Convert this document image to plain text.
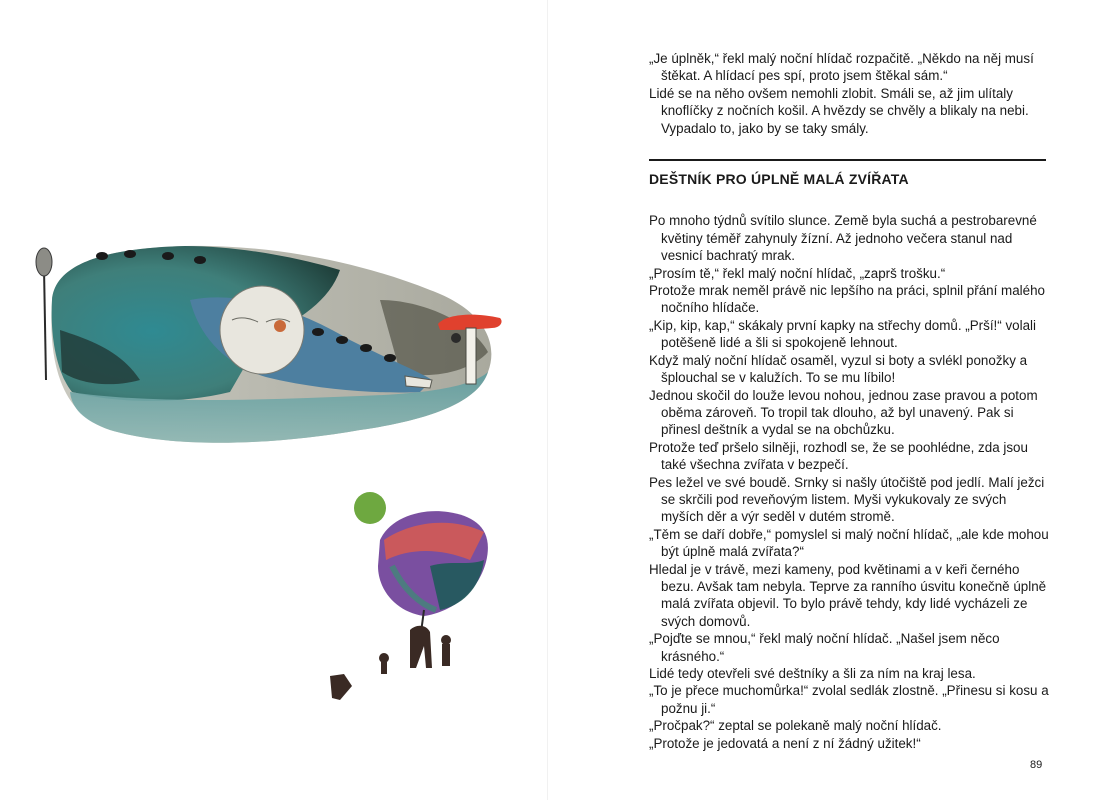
„Je úplněk,“ řekl malý noční hlídač rozpačitě. „Někdo na něj musí štěkat. A hlídací pes spí, proto jsem štěkal sám.“

Lidé se na něho ovšem nemohli zlobit. Smáli se, až jim ulítaly knoflíčky z nočních košil. A hvězdy se chvěly a blikaly na nebi. Vypadalo to, jako by se taky smály.

DEŠTNÍK PRO ÚPLNĚ MALÁ ZVÍŘATA

Po mnoho týdnů svítilo slunce. Země byla suchá a pestrobarevné květiny téměř zahynuly žízní. Až jednoho večera stanul nad vesnicí bachratý mrak.

„Prosím tě,“ řekl malý noční hlídač, „zaprš trošku.“

Protože mrak neměl právě nic lepšího na práci, splnil přání malého nočního hlídače.

„Kip, kip, kap,“ skákaly první kapky na střechy domů. „Prší!“ volali potěšeně lidé a šli si spokojeně lehnout.

Když malý noční hlídač osaměl, vyzul si boty a svlékl ponožky a šplouchal se v kalužích. To se mu líbilo!

Jednou skočil do louže levou nohou, jednou zase pravou a potom oběma zároveň. To tropil tak dlouho, až byl unavený. Pak si přinesl deštník a vydal se na obchůzku.

Protože teď pršelo silněji, rozhodl se, že se poohlédne, zda jsou také všechna zvířata v bezpečí.

Pes ležel ve své boudě. Srnky si našly útočiště pod jedlí. Malí ježci se skrčili pod reveňovým listem. Myši vykukovaly ze svých myších děr a výr seděl v dutém stromě.

„Těm se daří dobře,“ pomyslel si malý noční hlídač, „ale kde mohou být úplně malá zvířata?“

Hledal je v trávě, mezi kameny, pod květinami a v keři černého bezu. Avšak tam nebyla. Teprve za ranního úsvitu konečně úplně malá zvířata objevil. To bylo právě tehdy, kdy lidé vycházeli ze svých domovů.

„Pojďte se mnou,“ řekl malý noční hlídač. „Našel jsem něco krásného.“

Lidé tedy otevřeli své deštníky a šli za ním na kraj lesa.

„To je přece muchomůrka!“ zvolal sedlák zlostně. „Přinesu si kosu a požnu ji.“

„Pročpak?“ zeptal se polekaně malý noční hlídač.

„Protože je jedovatá a není z ní žádný užitek!“

89
